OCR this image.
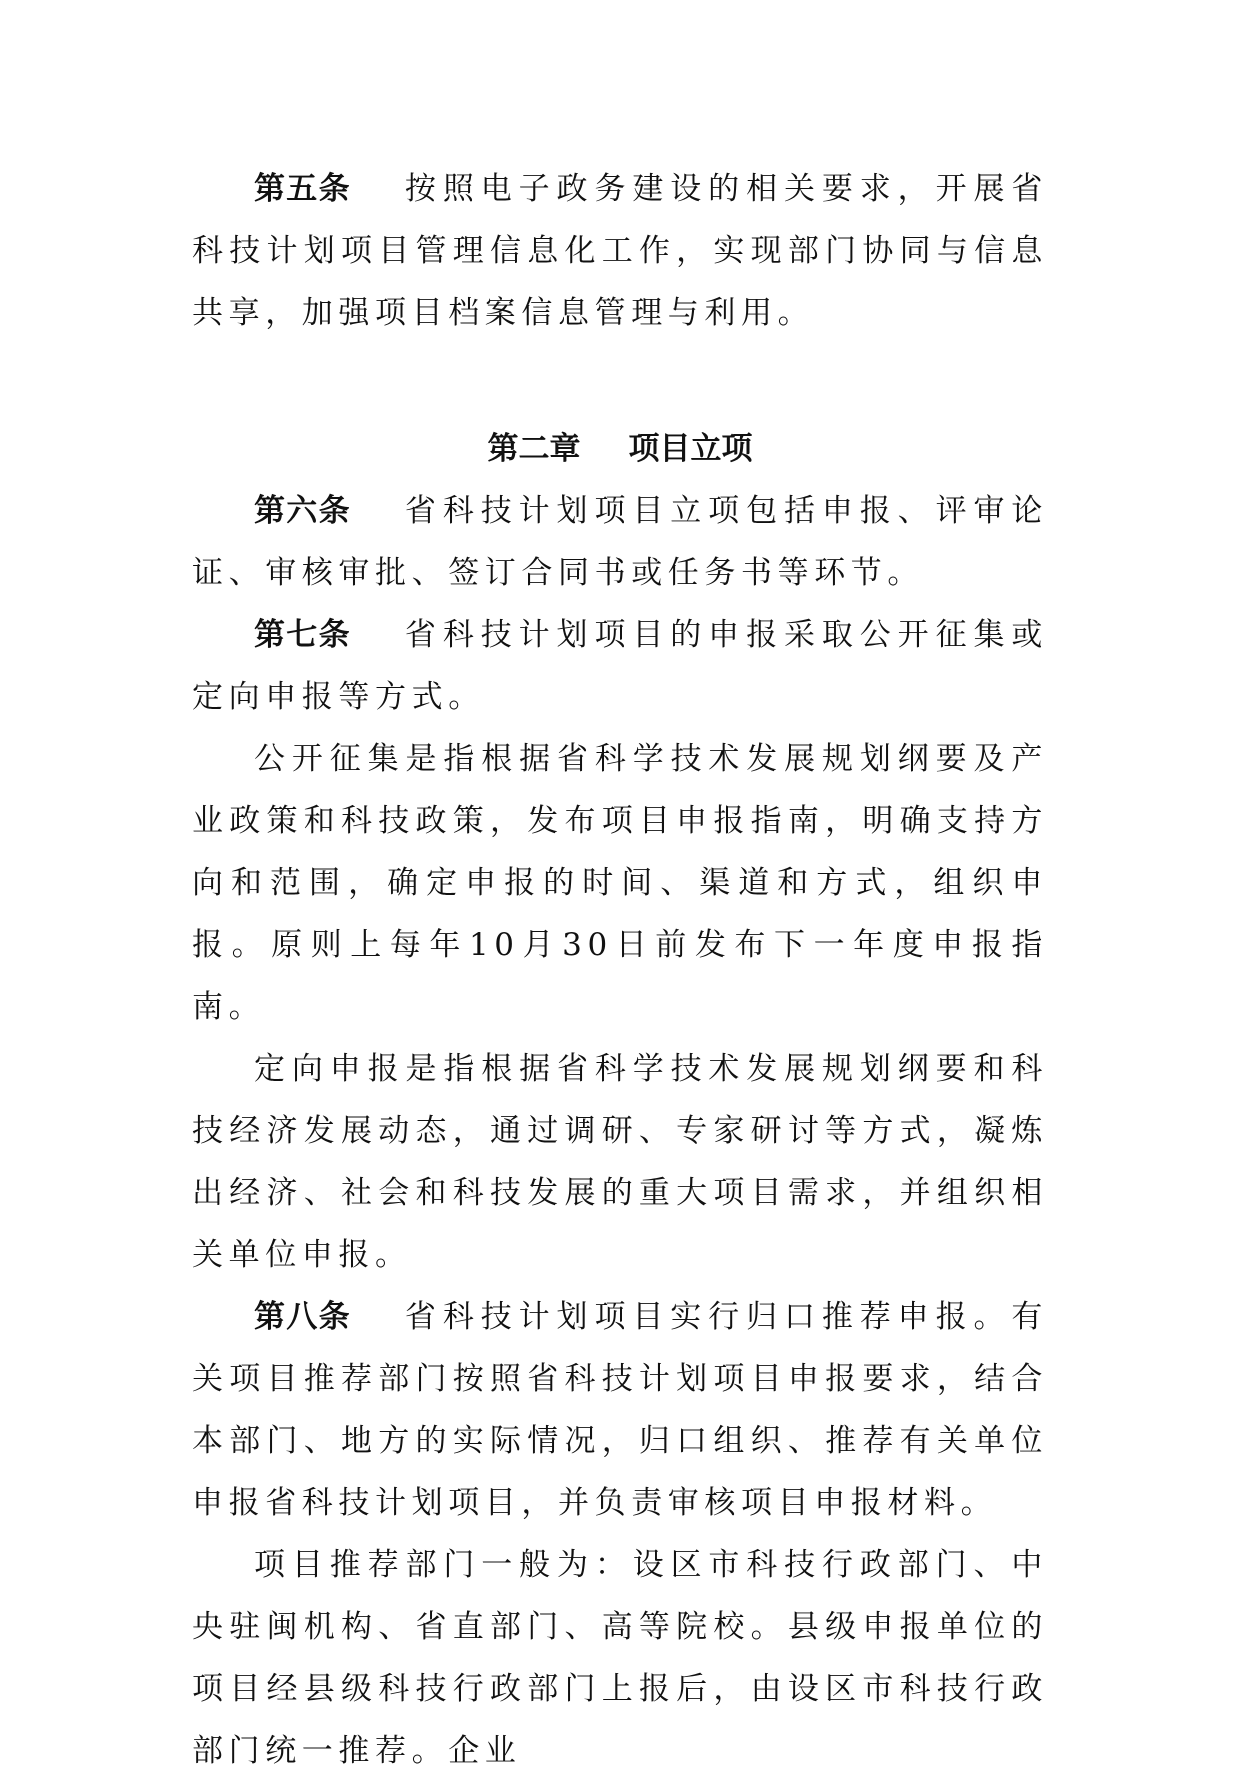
第五条 按照电子政务建设的相关要求，开展省科技计划项目管理信息化工作，实现部门协同与信息共享，加强项目档案信息管理与利用。

第二章 项目立项

第六条 省科技计划项目立项包括申报、评审论证、审核审批、签订合同书或任务书等环节。

第七条 省科技计划项目的申报采取公开征集或定向申报等方式。

公开征集是指根据省科学技术发展规划纲要及产业政策和科技政策，发布项目申报指南，明确支持方向和范围，确定申报的时间、渠道和方式，组织申报。原则上每年10月30日前发布下一年度申报指南。

定向申报是指根据省科学技术发展规划纲要和科技经济发展动态，通过调研、专家研讨等方式，凝炼出经济、社会和科技发展的重大项目需求，并组织相关单位申报。

第八条 省科技计划项目实行归口推荐申报。有关项目推荐部门按照省科技计划项目申报要求，结合本部门、地方的实际情况，归口组织、推荐有关单位申报省科技计划项目，并负责审核项目申报材料。

项目推荐部门一般为：设区市科技行政部门、中央驻闽机构、省直部门、高等院校。县级申报单位的项目经县级科技行政部门上报后，由设区市科技行政部门统一推荐。企业
